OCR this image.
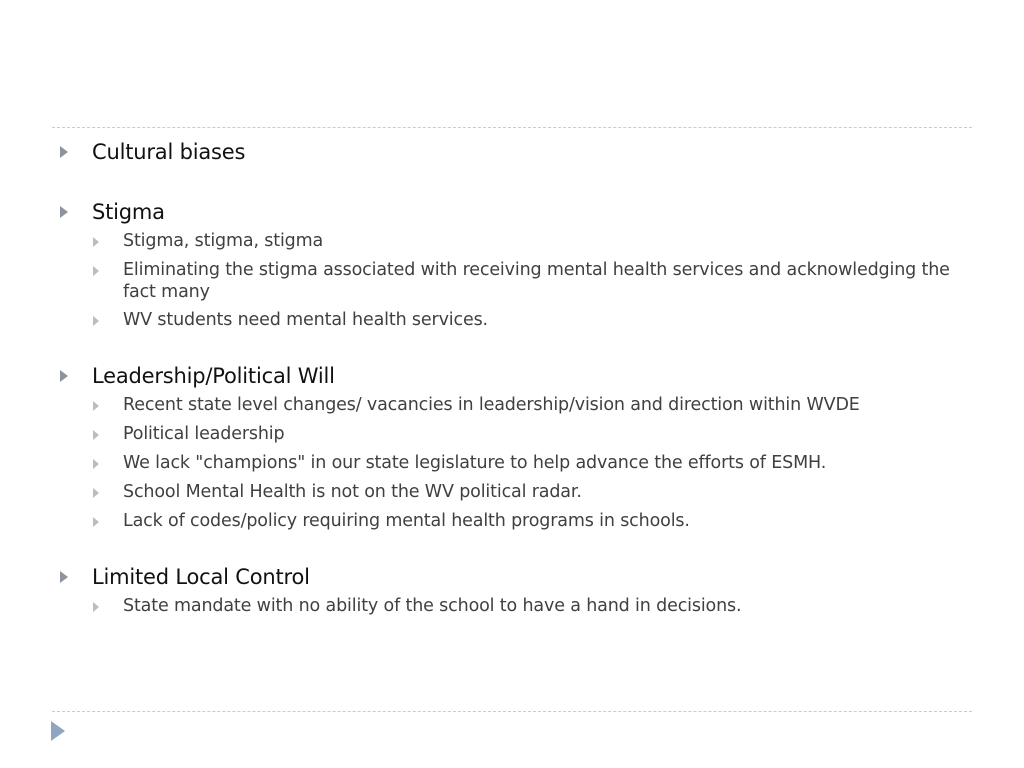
Cultural biases
Stigma
Stigma, stigma, stigma
Eliminating the stigma associated with receiving mental health services and acknowledging the fact many
WV students need mental health services.
Leadership/Political Will
Recent state level changes/ vacancies in leadership/vision and direction within WVDE
Political leadership
We lack "champions" in our state legislature to help advance the efforts of ESMH.
School Mental Health is not on the WV political radar.
Lack of codes/policy requiring mental health programs in schools.
Limited Local Control
State mandate with no ability of the school to have a hand in decisions.
